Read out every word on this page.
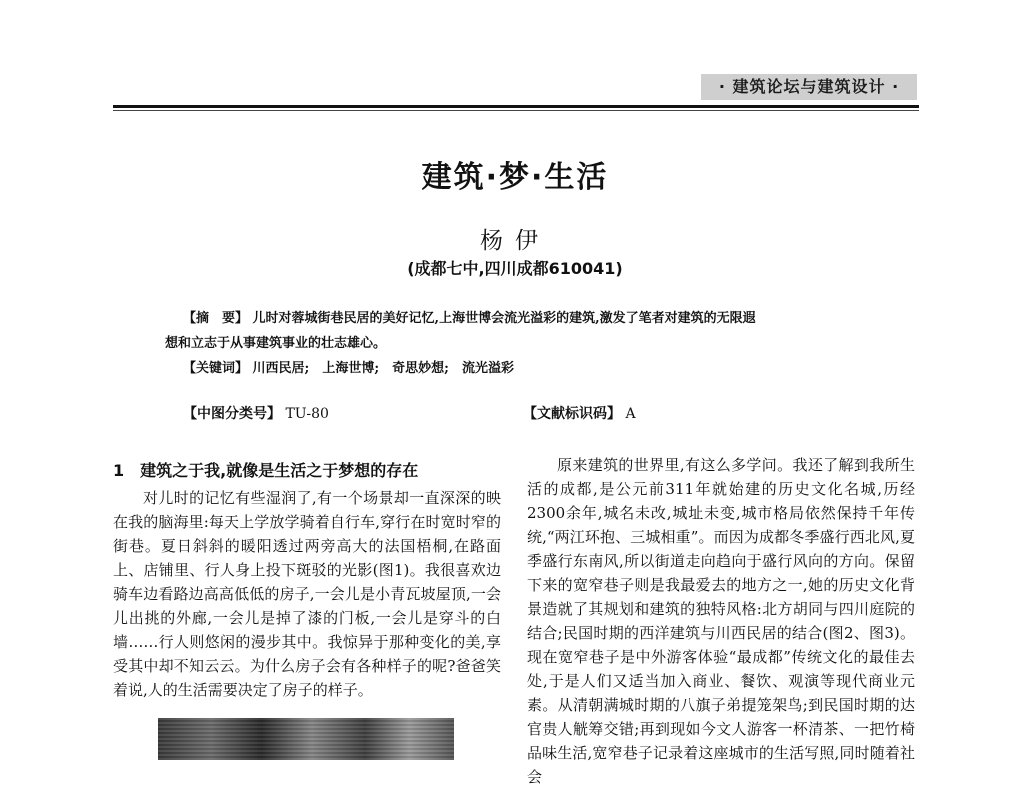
· 建筑论坛与建筑设计 ·
建筑·梦·生活
杨伊
(成都七中,四川成都610041)
【摘　要】 儿时对蓉城街巷民居的美好记忆,上海世博会流光溢彩的建筑,激发了笔者对建筑的无限遐
想和立志于从事建筑事业的壮志雄心。
【关键词】 川西民居;　上海世博;　奇思妙想;　流光溢彩
【中图分类号】 TU-80	【文献标识码】 A
1　建筑之于我,就像是生活之于梦想的存在

对儿时的记忆有些湿润了,有一个场景却一直深深的映在我的脑海里:每天上学放学骑着自行车,穿行在时宽时窄的街巷。夏日斜斜的暖阳透过两旁高大的法国梧桐,在路面上、店铺里、行人身上投下斑驳的光影(图1)。我很喜欢边骑车边看路边高高低低的房子,一会儿是小青瓦坡屋顶,一会儿出挑的外廊,一会儿是掉了漆的门板,一会儿是穿斗的白墙……行人则悠闲的漫步其中。我惊异于那种变化的美,享受其中却不知云云。为什么房子会有各种样子的呢?爸爸笑着说,人的生活需要决定了房子的样子。

原来建筑的世界里,有这么多学问。我还了解到我所生活的成都,是公元前311年就始建的历史文化名城,历经2300余年,城名未改,城址未变,城市格局依然保持千年传统,“两江环抱、三城相重”。而因为成都冬季盛行西北风,夏季盛行东南风,所以街道走向趋向于盛行风向的方向。保留下来的宽窄巷子则是我最爱去的地方之一,她的历史文化背景造就了其规划和建筑的独特风格:北方胡同与四川庭院的结合;民国时期的西洋建筑与川西民居的结合(图2、图3)。现在宽窄巷子是中外游客体验“最成都”传统文化的最佳去处,于是人们又适当加入商业、餐饮、观演等现代商业元素。从清朝满城时期的八旗子弟提笼架鸟;到民国时期的达官贵人觥筹交错;再到现如今文人游客一杯清茶、一把竹椅品味生活,宽窄巷子记录着这座城市的生活写照,同时随着社会
